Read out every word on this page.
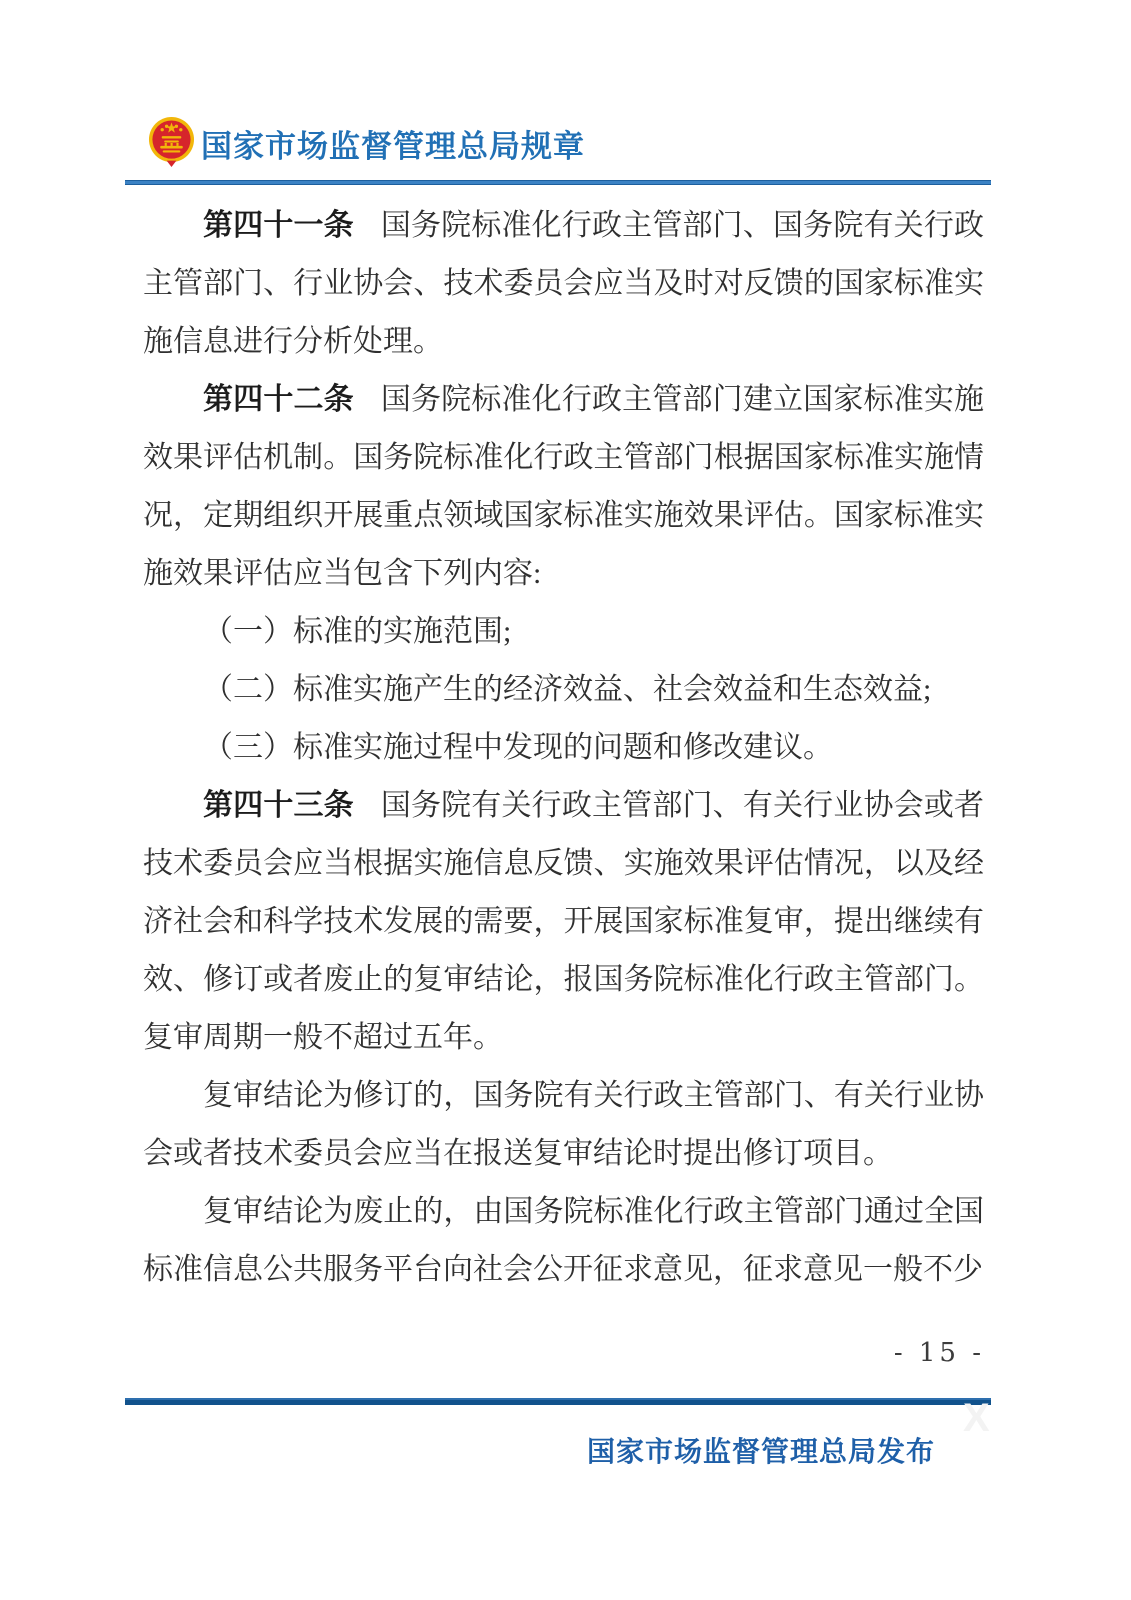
国家市场监督管理总局规章

第四十一条 国务院标准化行政主管部门、国务院有关行政主管部门、行业协会、技术委员会应当及时对反馈的国家标准实施信息进行分析处理。

第四十二条 国务院标准化行政主管部门建立国家标准实施效果评估机制。国务院标准化行政主管部门根据国家标准实施情况，定期组织开展重点领域国家标准实施效果评估。国家标准实施效果评估应当包含下列内容:

（一）标准的实施范围;

（二）标准实施产生的经济效益、社会效益和生态效益;

（三）标准实施过程中发现的问题和修改建议。

第四十三条 国务院有关行政主管部门、有关行业协会或者技术委员会应当根据实施信息反馈、实施效果评估情况，以及经济社会和科学技术发展的需要，开展国家标准复审，提出继续有效、修订或者废止的复审结论，报国务院标准化行政主管部门。复审周期一般不超过五年。

复审结论为修订的，国务院有关行政主管部门、有关行业协会或者技术委员会应当在报送复审结论时提出修订项目。

复审结论为废止的，由国务院标准化行政主管部门通过全国标准信息公共服务平台向社会公开征求意见，征求意见一般不少

- 15 -
X
国家市场监督管理总局发布
